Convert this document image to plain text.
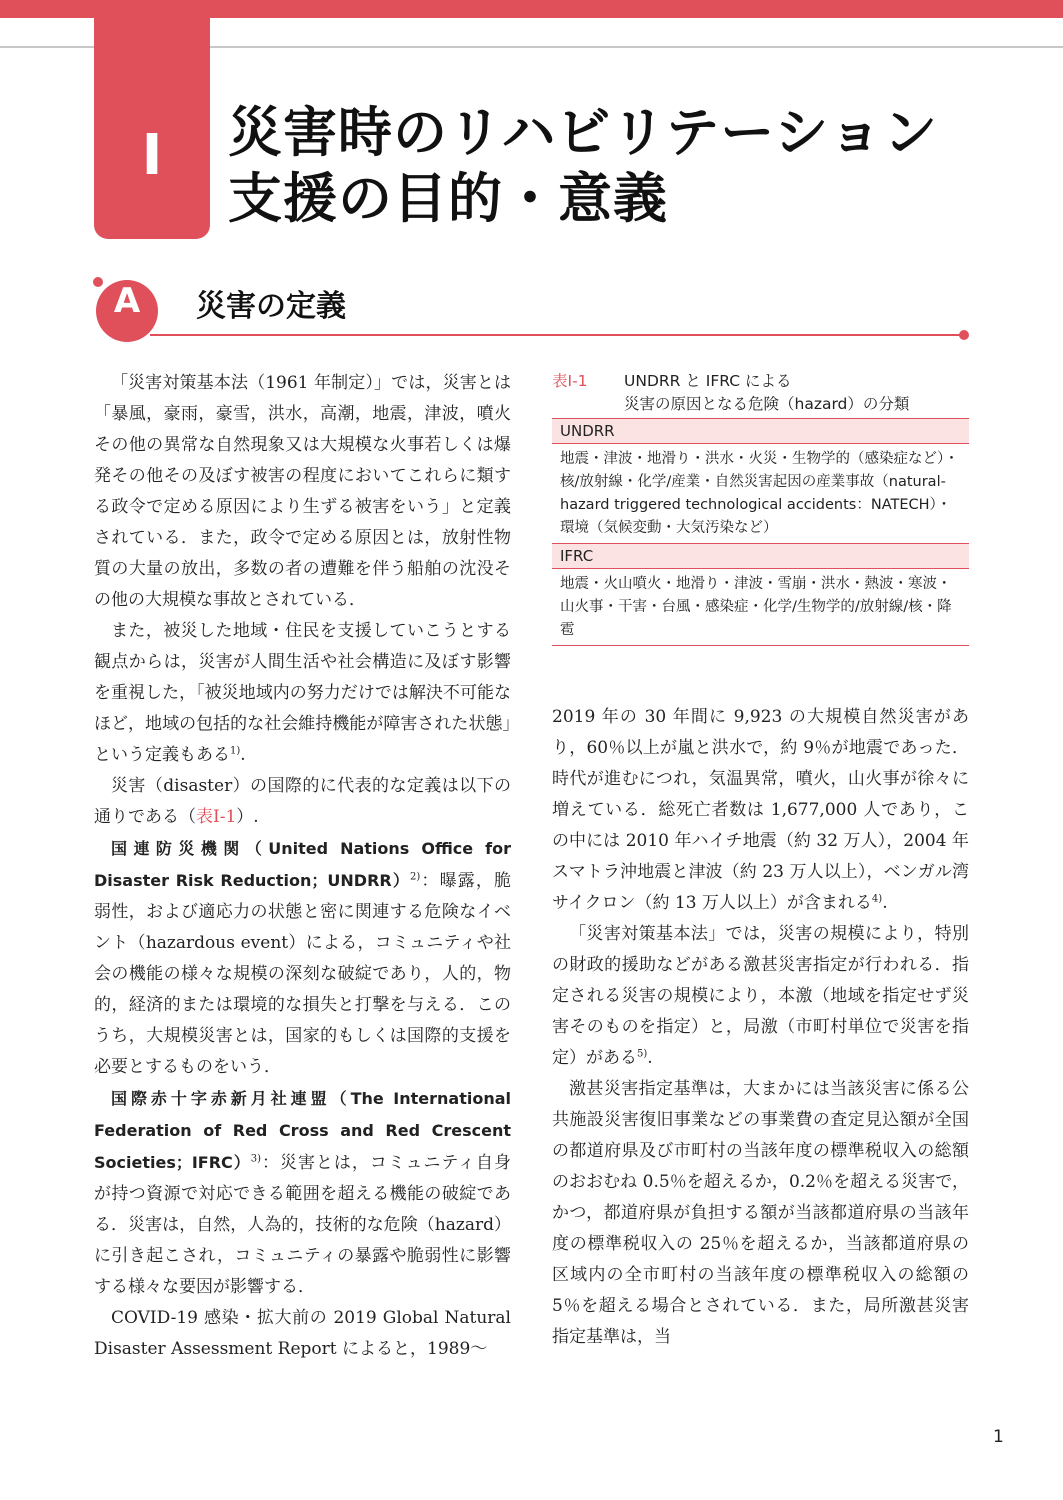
I	災害時のリハビリテーション
支援の目的・意義
A	災害の定義

「災害対策基本法（1961 年制定）」では，災害とは「暴風，豪雨，豪雪，洪水，高潮，地震，津波，噴火その他の異常な自然現象又は大規模な火事若しくは爆発その他その及ぼす被害の程度においてこれらに類する政令で定める原因により生ずる被害をいう」と定義されている．また，政令で定める原因とは，放射性物質の大量の放出，多数の者の遭難を伴う船舶の沈没その他の大規模な事故とされている．

また，被災した地域・住民を支援していこうとする観点からは，災害が人間生活や社会構造に及ぼす影響を重視した，「被災地域内の努力だけでは解決不可能なほど，地域の包括的な社会維持機能が障害された状態」という定義もある$^{1)}$.

災害（disaster）の国際的に代表的な定義は以下の通りである（表Ⅰ-1）.

国連防災機関（United Nations Office for Disaster Risk Reduction；UNDRR）$^{2)}$：曝露，脆弱性，および適応力の状態と密に関連する危険なイベント（hazardous event）による，コミュニティや社会の機能の様々な規模の深刻な破綻であり，人的，物的，経済的または環境的な損失と打撃を与える．このうち，大規模災害とは，国家的もしくは国際的支援を必要とするものをいう．

国際赤十字赤新月社連盟（The International Federation of Red Cross and Red Crescent Societies；IFRC）$^{3)}$：災害とは，コミュニティ自身が持つ資源で対応できる範囲を超える機能の破綻である．災害は，自然，人為的，技術的な危険（hazard）に引き起こされ，コミュニティの暴露や脆弱性に影響する様々な要因が影響する．

COVID-19 感染・拡大前の 2019 Global Natural Disaster Assessment Report によると，1989〜

表Ⅰ-1	UNDRR と IFRC による
災害の原因となる危険（hazard）の分類
UNDRR
地震・津波・地滑り・洪水・火災・生物学的（感染症など）・核/放射線・化学/産業・自然災害起因の産業事故（natural-hazard triggered technological accidents：NATECH）・環境（気候変動・大気汚染など）
IFRC
地震・火山噴火・地滑り・津波・雪崩・洪水・熱波・寒波・山火事・干害・台風・感染症・化学/生物学的/放射線/核・降雹

2019 年の 30 年間に 9,923 の大規模自然災害があり，60％以上が嵐と洪水で，約 9％が地震であった．時代が進むにつれ，気温異常，噴火，山火事が徐々に増えている．総死亡者数は 1,677,000 人であり，この中には 2010 年ハイチ地震（約 32 万人），2004 年スマトラ沖地震と津波（約 23 万人以上），ベンガル湾サイクロン（約 13 万人以上）が含まれる$^{4)}$.

「災害対策基本法」では，災害の規模により，特別の財政的援助などがある激甚災害指定が行われる．指定される災害の規模により，本激（地域を指定せず災害そのものを指定）と，局激（市町村単位で災害を指定）がある$^{5)}$.

激甚災害指定基準は，大まかには当該災害に係る公共施設災害復旧事業などの事業費の査定見込額が全国の都道府県及び市町村の当該年度の標準税収入の総額のおおむね 0.5％を超えるか，0.2％を超える災害で，かつ，都道府県が負担する額が当該都道府県の当該年度の標準税収入の 25％を超えるか，当該都道府県の区域内の全市町村の当該年度の標準税収入の総額の 5％を超える場合とされている．また，局所激甚災害指定基準は，当

1
